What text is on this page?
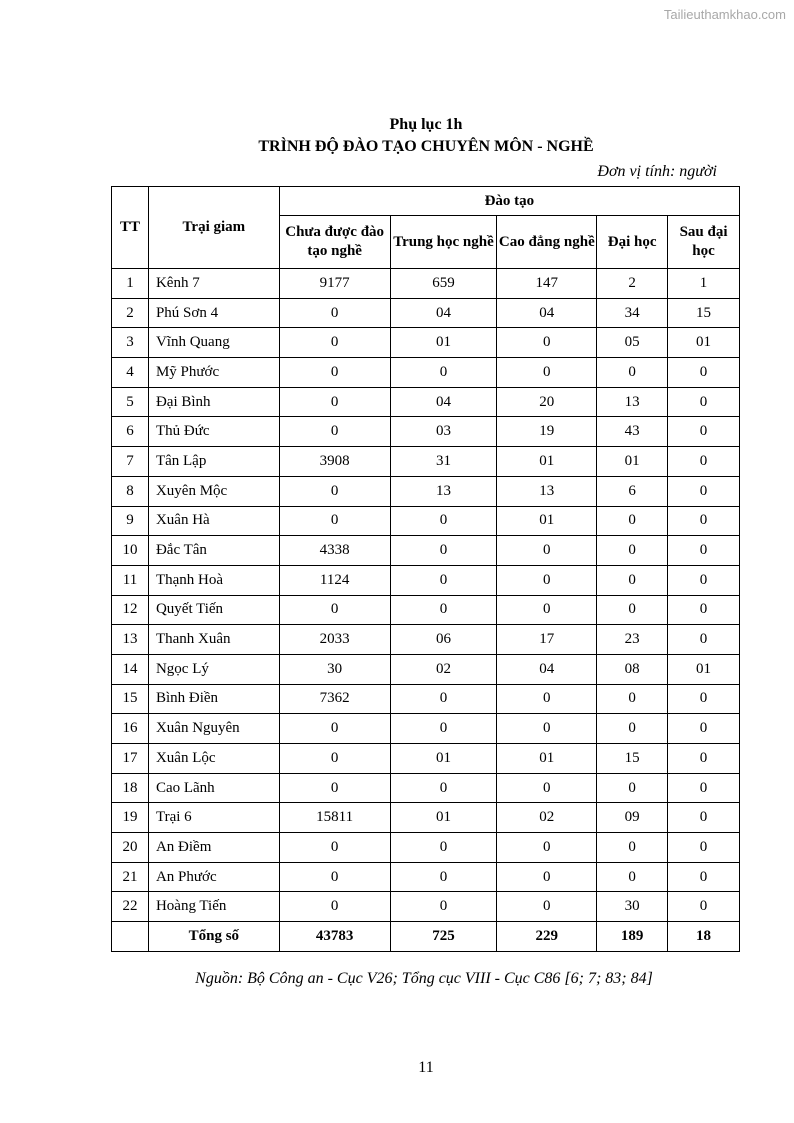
Tailieuthamkhao.com
Phụ lục 1h
TRÌNH ĐỘ ĐÀO TẠO CHUYÊN MÔN - NGHỀ
Đơn vị tính: người
TT	Trại giam	Đào tạo				
		Chưa được đào tạo nghề	Trung học nghề	Cao đẳng nghề	Đại học	Sau đại học
1	Kênh 7	9177	659	147	2	1
2	Phú Sơn 4	0	04	04	34	15
3	Vĩnh Quang	0	01	0	05	01
4	Mỹ Phước	0	0	0	0	0
5	Đại Bình	0	04	20	13	0
6	Thủ Đức	0	03	19	43	0
7	Tân Lập	3908	31	01	01	0
8	Xuyên Mộc	0	13	13	6	0
9	Xuân Hà	0	0	01	0	0
10	Đắc Tân	4338	0	0	0	0
11	Thạnh Hoà	1124	0	0	0	0
12	Quyết Tiến	0	0	0	0	0
13	Thanh Xuân	2033	06	17	23	0
14	Ngọc Lý	30	02	04	08	01
15	Bình Điền	7362	0	0	0	0
16	Xuân Nguyên	0	0	0	0	0
17	Xuân Lộc	0	01	01	15	0
18	Cao Lãnh	0	0	0	0	0
19	Trại 6	15811	01	02	09	0
20	An Điềm	0	0	0	0	0
21	An Phước	0	0	0	0	0
22	Hoàng Tiến	0	0	0	30	0
	Tổng số	43783	725	229	189	18
Nguồn: Bộ Công an - Cục V26; Tổng cục VIII - Cục C86 [6; 7; 83; 84]
11
